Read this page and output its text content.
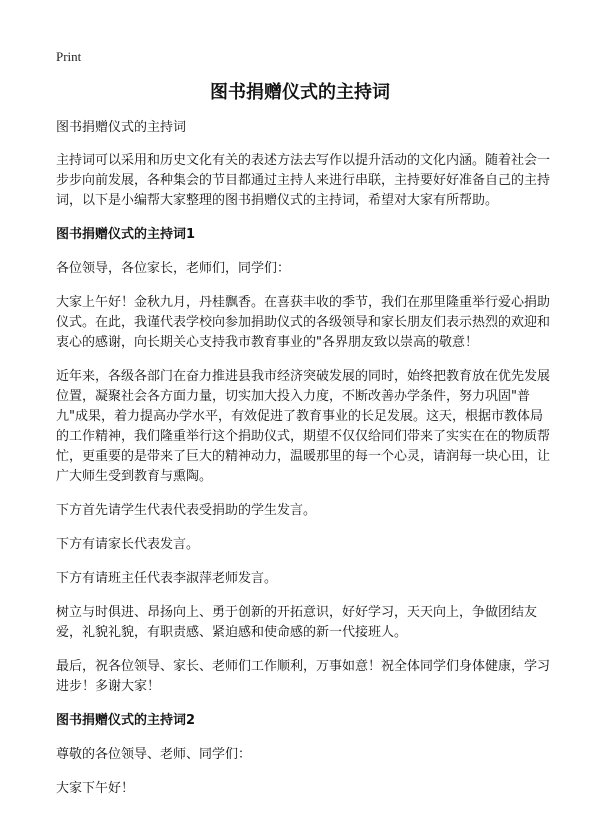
Print
图书捐赠仪式的主持词

图书捐赠仪式的主持词

主持词可以采用和历史文化有关的表述方法去写作以提升活动的文化内涵。随着社会一步步向前发展，各种集会的节目都通过主持人来进行串联，主持要好好准备自己的主持词，以下是小编帮大家整理的图书捐赠仪式的主持词，希望对大家有所帮助。

图书捐赠仪式的主持词1

各位领导，各位家长，老师们，同学们：

大家上午好！金秋九月，丹桂飘香。在喜获丰收的季节，我们在那里隆重举行爱心捐助仪式。在此，我谨代表学校向参加捐助仪式的各级领导和家长朋友们表示热烈的欢迎和衷心的感谢，向长期关心支持我市教育事业的"各界朋友致以崇高的敬意！

近年来，各级各部门在奋力推进县我市经济突破发展的同时，始终把教育放在优先发展位置，凝聚社会各方面力量，切实加大投入力度，不断改善办学条件，努力巩固"普九"成果，着力提高办学水平，有效促进了教育事业的长足发展。这天，根据市教体局的工作精神，我们隆重举行这个捐助仪式，期望不仅仅给同们带来了实实在在的物质帮忙，更重要的是带来了巨大的精神动力，温暖那里的每一个心灵，请润每一块心田，让广大师生受到教育与熏陶。

下方首先请学生代表代表受捐助的学生发言。

下方有请家长代表发言。

下方有请班主任代表李淑萍老师发言。

树立与时俱进、昂扬向上、勇于创新的开拓意识，好好学习，天天向上，争做团结友爱，礼貌礼貌，有职责感、紧迫感和使命感的新一代接班人。

最后，祝各位领导、家长、老师们工作顺利，万事如意！祝全体同学们身体健康，学习进步！多谢大家！

图书捐赠仪式的主持词2

尊敬的各位领导、老师、同学们：

大家下午好！
